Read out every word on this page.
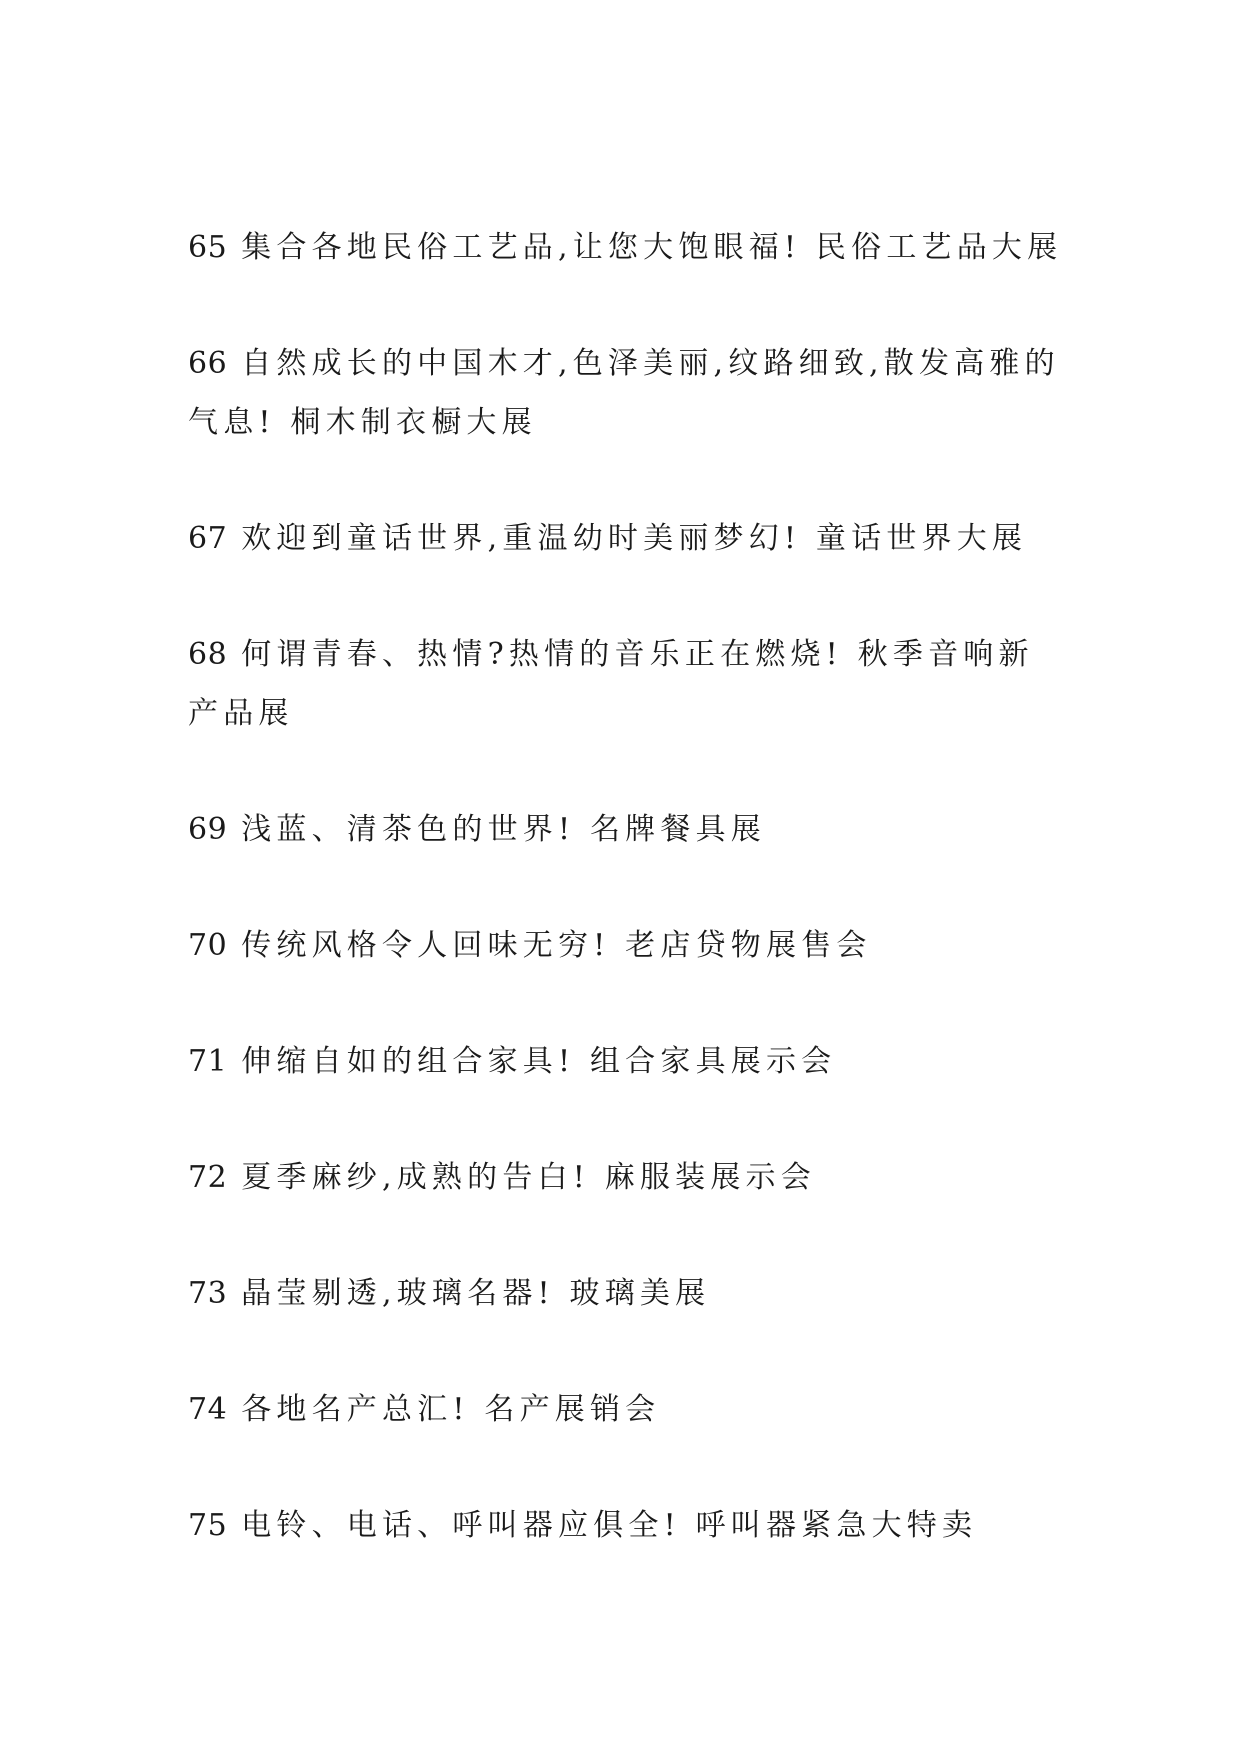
65 集合各地民俗工艺品,让您大饱眼福! 民俗工艺品大展

66 自然成长的中国木才,色泽美丽,纹路细致,散发高雅的气息! 桐木制衣橱大展

67 欢迎到童话世界,重温幼时美丽梦幻! 童话世界大展

68 何谓青春、热情?热情的音乐正在燃烧! 秋季音响新产品展

69 浅蓝、清茶色的世界! 名牌餐具展

70 传统风格令人回味无穷! 老店贷物展售会

71 伸缩自如的组合家具! 组合家具展示会

72 夏季麻纱,成熟的告白! 麻服装展示会

73 晶莹剔透,玻璃名器! 玻璃美展

74 各地名产总汇! 名产展销会

75 电铃、电话、呼叫器应俱全! 呼叫器紧急大特卖
